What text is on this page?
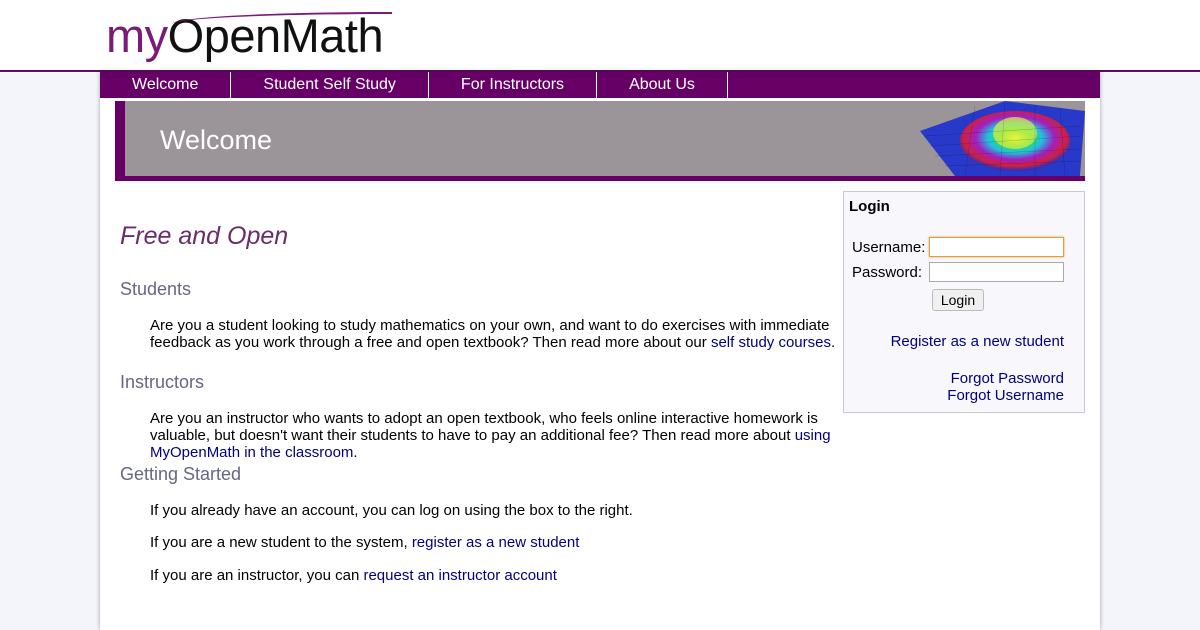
myOpenMath
Welcome	Student Self Study	For Instructors	About Us
Welcome
Free and Open
Students

Are you a student looking to study mathematics on your own, and want to do exercises with immediate feedback as you work through a free and open textbook? Then read more about our self study courses.

Instructors

Are you an instructor who wants to adopt an open textbook, who feels online interactive homework is valuable, but doesn't want their students to have to pay an additional fee? Then read more about using MyOpenMath in the classroom.

Getting Started

If you already have an account, you can log on using the box to the right.

If you are a new student to the system, register as a new student

If you are an instructor, you can request an instructor account

Login

Username:
Password:
Login
Register as a new student
Forgot Password
Forgot Username
